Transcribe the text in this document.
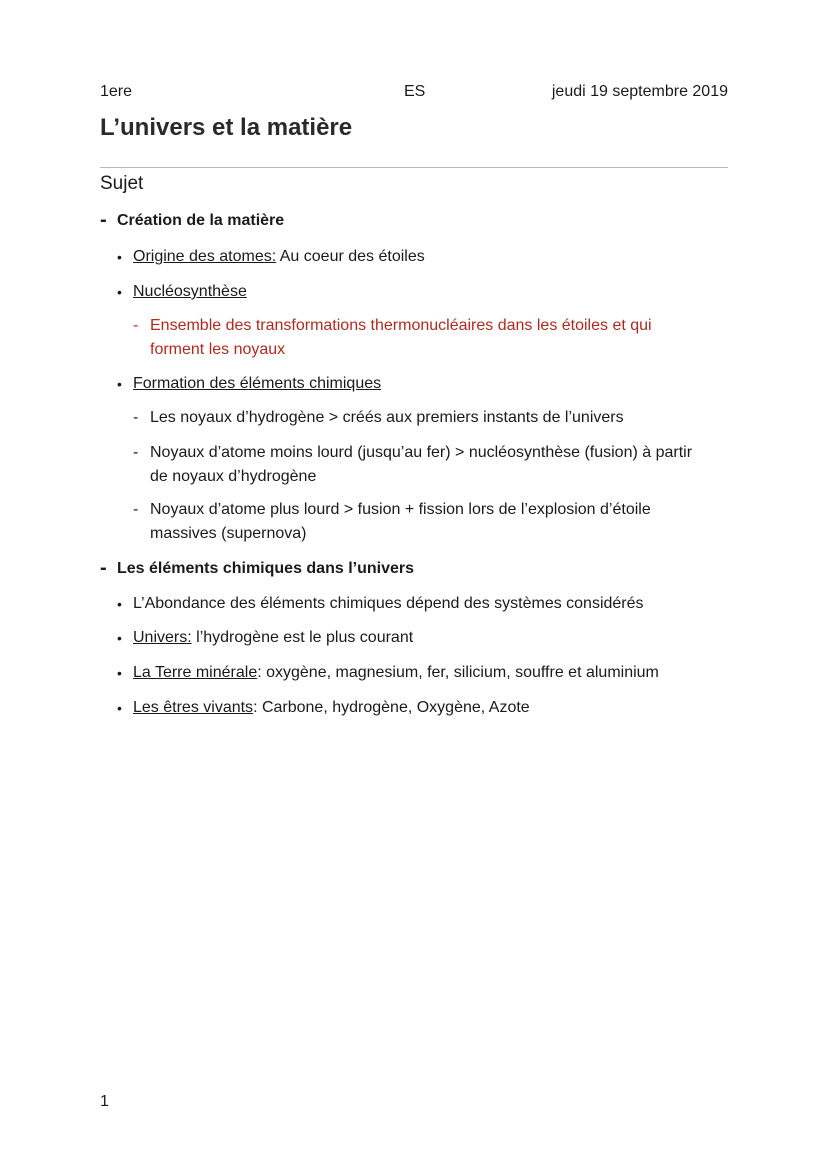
1ere	ES	jeudi 19 septembre 2019
L’univers et la matière
Sujet
- Création de la matière
• Origine des atomes: Au coeur des étoiles
• Nucléosynthèse
- Ensemble des transformations thermonucléaires dans les étoiles et qui
forment les noyaux
• Formation des éléments chimiques
- Les noyaux d’hydrogène > créés aux premiers instants de l’univers
- Noyaux d’atome moins lourd (jusqu’au fer) > nucléosynthèse (fusion) à partir
de noyaux d’hydrogène
- Noyaux d’atome plus lourd > fusion + fission lors de l’explosion d’étoile
massives (supernova)
- Les éléments chimiques dans l’univers
• L’Abondance des éléments chimiques dépend des systèmes considérés
• Univers: l’hydrogène est le plus courant
• La Terre minérale: oxygène, magnesium, fer, silicium, souffre et aluminium
• Les êtres vivants: Carbone, hydrogène, Oxygène, Azote
1
